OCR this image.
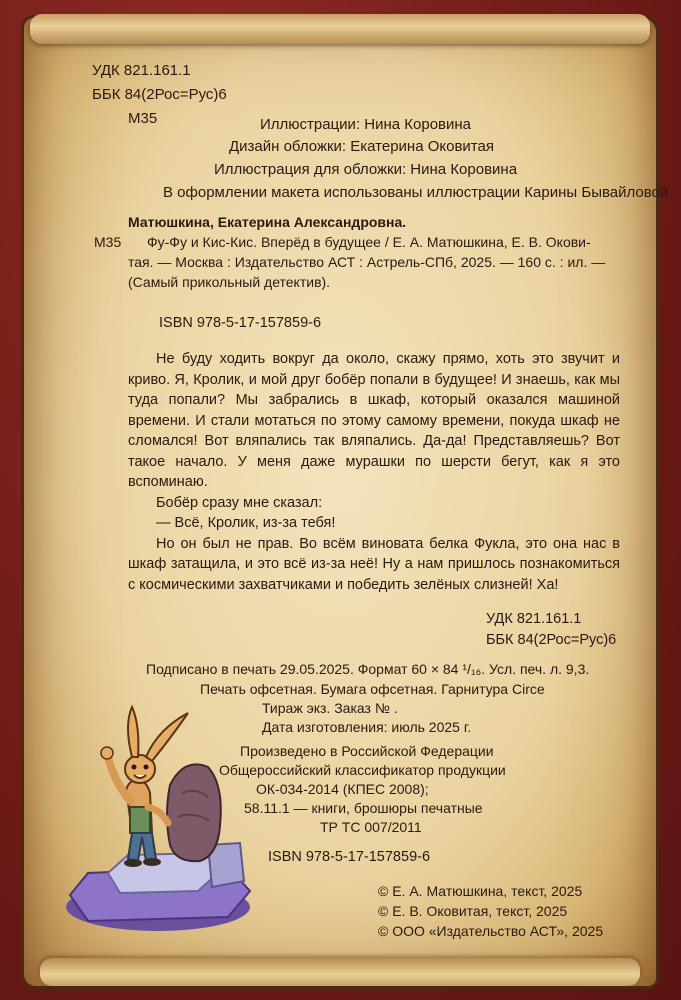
УДК 821.161.1
ББК 84(2Рос=Рус)6
М35	Иллюстрации: Нина Коровина
Дизайн обложки: Екатерина Оковитая
Иллюстрация для обложки: Нина Коровина
В оформлении макета использованы иллюстрации Карины Бывайловой
Матюшкина, Екатерина Александровна.
М35 Фу-Фу и Кис-Кис. Вперёд в будущее / Е. А. Матюшкина, Е. В. Окови-
тая. — Москва : Издательство АСТ : Астрель-СПб, 2025. — 160 с. : ил. —
(Самый прикольный детектив).
ISBN 978-5-17-157859-6

Не буду ходить вокруг да около, скажу прямо, хоть это звучит и криво. Я, Кролик, и мой друг бобёр попали в будущее! И знаешь, как мы туда попали? Мы забрались в шкаф, который оказался машиной времени. И стали мотаться по этому самому времени, покуда шкаф не сломался! Вот вляпались так вляпались. Да-да! Представляешь? Вот такое начало. У меня даже мурашки по шерсти бегут, как я это вспоминаю.

Бобёр сразу мне сказал:

— Всё, Кролик, из-за тебя!

Но он был не прав. Во всём виновата белка Фукла, это она нас в шкаф затащила, и это всё из-за неё! Ну а нам пришлось познакомиться с космическими захватчиками и победить зелёных слизней! Ха!

УДК 821.161.1
ББК 84(2Рос=Рус)6
Подписано в печать 29.05.2025. Формат 60 × 84 ¹/₁₆. Усл. печ. л. 9,3.
Печать офсетная. Бумага офсетная. Гарнитура Circe
Тираж экз. Заказ № .
Дата изготовления: июль 2025 г.
Произведено в Российской Федерации
Общероссийский классификатор продукции
ОК-034-2014 (КПЕС 2008);
58.11.1 — книги, брошюры печатные
ТР ТС 007/2011
ISBN 978-5-17-157859-6
© Е. А. Матюшкина, текст, 2025
© Е. В. Оковитая, текст, 2025
© ООО «Издательство АСТ», 2025
